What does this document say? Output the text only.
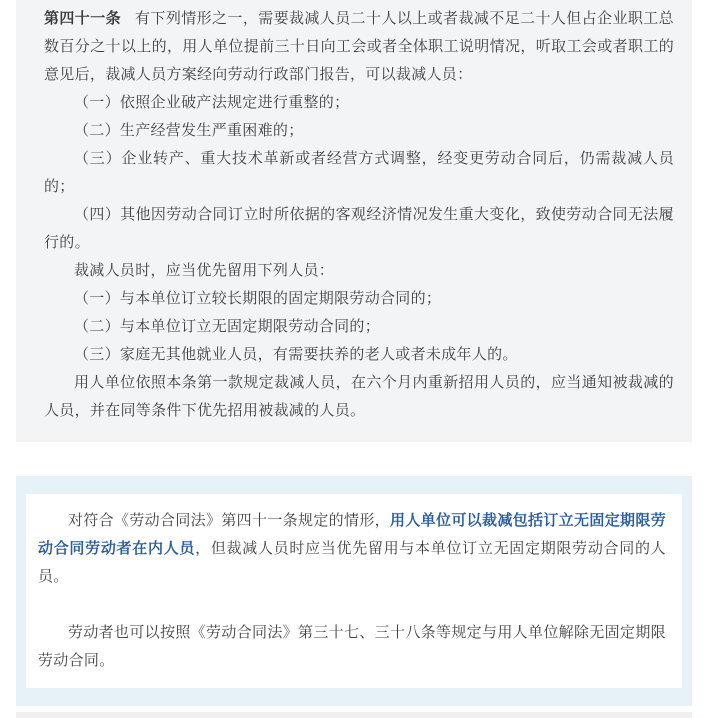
第四十一条 有下列情形之一，需要裁减人员二十人以上或者裁减不足二十人但占企业职工总数百分之十以上的，用人单位提前三十日向工会或者全体职工说明情况，听取工会或者职工的意见后，裁减人员方案经向劳动行政部门报告，可以裁减人员：

（一）依照企业破产法规定进行重整的；

（二）生产经营发生严重困难的；

（三）企业转产、重大技术革新或者经营方式调整，经变更劳动合同后，仍需裁减人员的；

（四）其他因劳动合同订立时所依据的客观经济情况发生重大变化，致使劳动合同无法履行的。

裁减人员时，应当优先留用下列人员：

（一）与本单位订立较长期限的固定期限劳动合同的；

（二）与本单位订立无固定期限劳动合同的；

（三）家庭无其他就业人员，有需要扶养的老人或者未成年人的。

用人单位依照本条第一款规定裁减人员，在六个月内重新招用人员的，应当通知被裁减的人员，并在同等条件下优先招用被裁减的人员。

对符合《劳动合同法》第四十一条规定的情形，用人单位可以裁减包括订立无固定期限劳动合同劳动者在内人员，但裁减人员时应当优先留用与本单位订立无固定期限劳动合同的人员。

劳动者也可以按照《劳动合同法》第三十七、三十八条等规定与用人单位解除无固定期限劳动合同。
